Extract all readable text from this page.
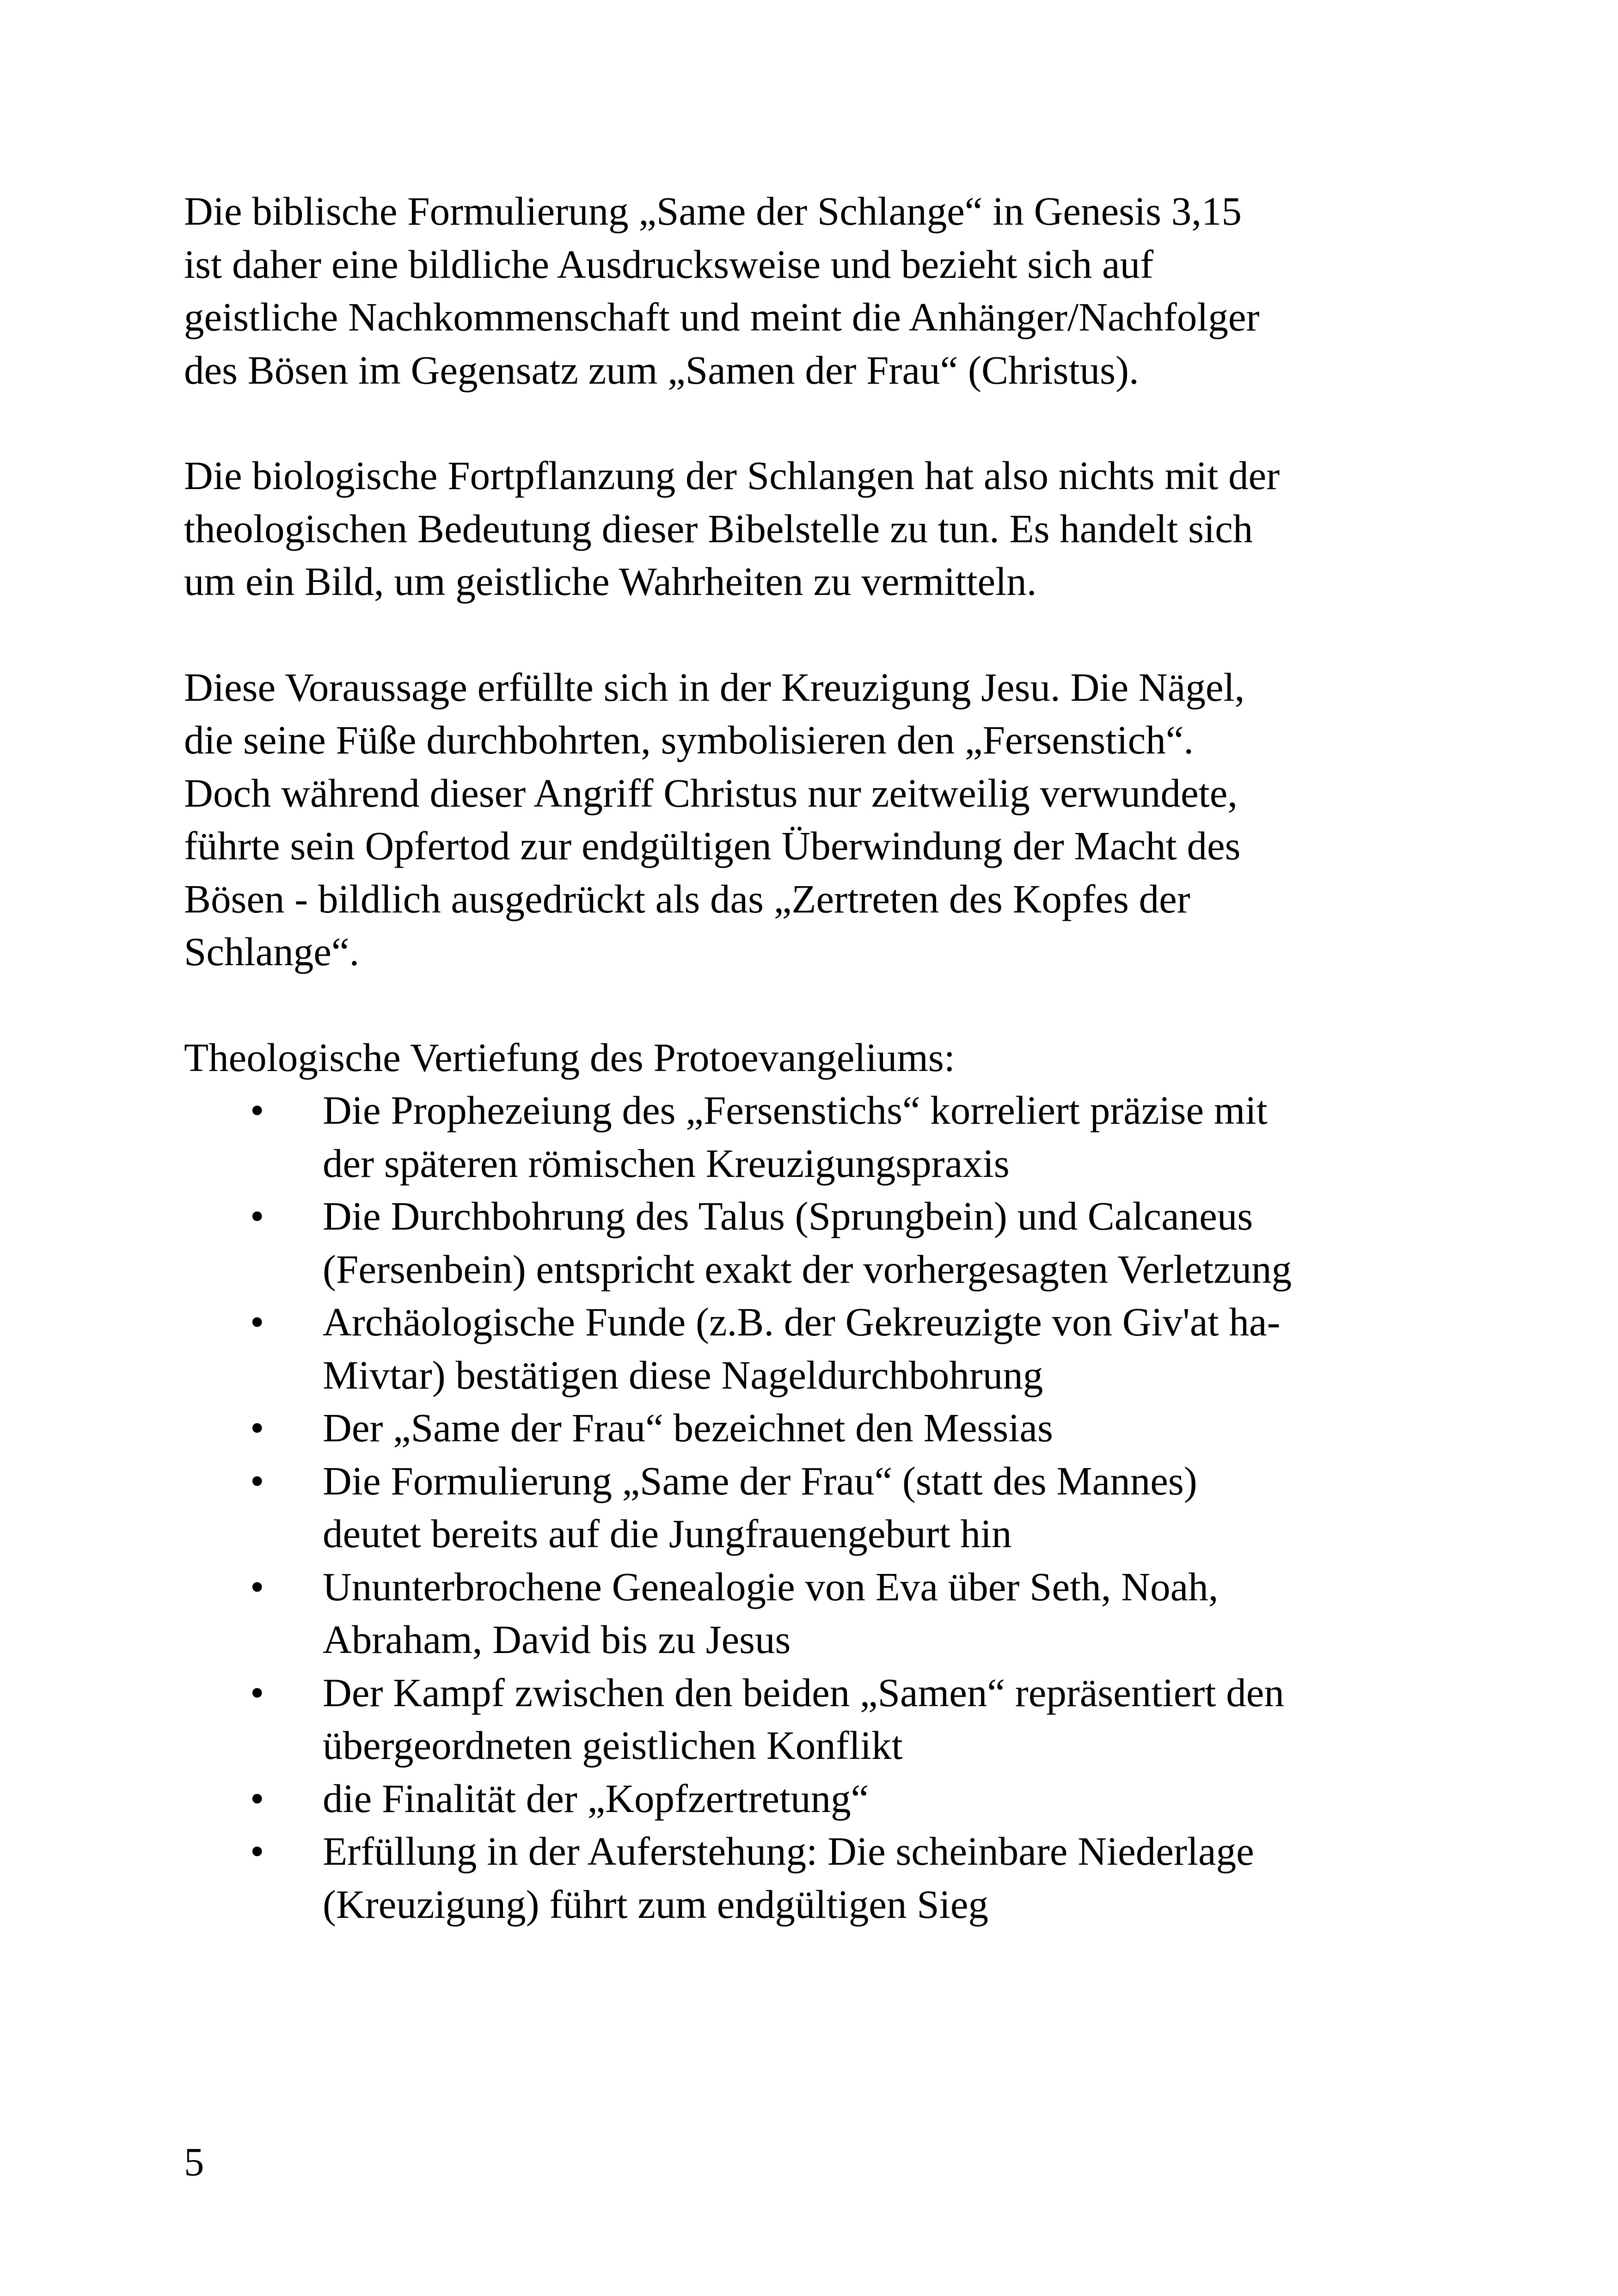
Die biblische Formulierung „Same der Schlange“ in Genesis 3,15
ist daher eine bildliche Ausdrucksweise und bezieht sich auf
geistliche Nachkommenschaft und meint die Anhänger/Nachfolger
des Bösen im Gegensatz zum „Samen der Frau“ (Christus).

Die biologische Fortpflanzung der Schlangen hat also nichts mit der
theologischen Bedeutung dieser Bibelstelle zu tun. Es handelt sich
um ein Bild, um geistliche Wahrheiten zu vermitteln.

Diese Voraussage erfüllte sich in der Kreuzigung Jesu. Die Nägel,
die seine Füße durchbohrten, symbolisieren den „Fersenstich“.
Doch während dieser Angriff Christus nur zeitweilig verwundete,
führte sein Opfertod zur endgültigen Überwindung der Macht des
Bösen - bildlich ausgedrückt als das „Zertreten des Kopfes der
Schlange“.

Theologische Vertiefung des Protoevangeliums:

• Die Prophezeiung des „Fersenstichs“ korreliert präzise mit
der späteren römischen Kreuzigungspraxis
• Die Durchbohrung des Talus (Sprungbein) und Calcaneus
(Fersenbein) entspricht exakt der vorhergesagten Verletzung
• Archäologische Funde (z.B. der Gekreuzigte von Giv'at ha-
Mivtar) bestätigen diese Nageldurchbohrung
• Der „Same der Frau“ bezeichnet den Messias
• Die Formulierung „Same der Frau“ (statt des Mannes)
deutet bereits auf die Jungfrauengeburt hin
• Ununterbrochene Genealogie von Eva über Seth, Noah,
Abraham, David bis zu Jesus
• Der Kampf zwischen den beiden „Samen“ repräsentiert den
übergeordneten geistlichen Konflikt
• die Finalität der „Kopfzertretung“
• Erfüllung in der Auferstehung: Die scheinbare Niederlage
(Kreuzigung) führt zum endgültigen Sieg
5
